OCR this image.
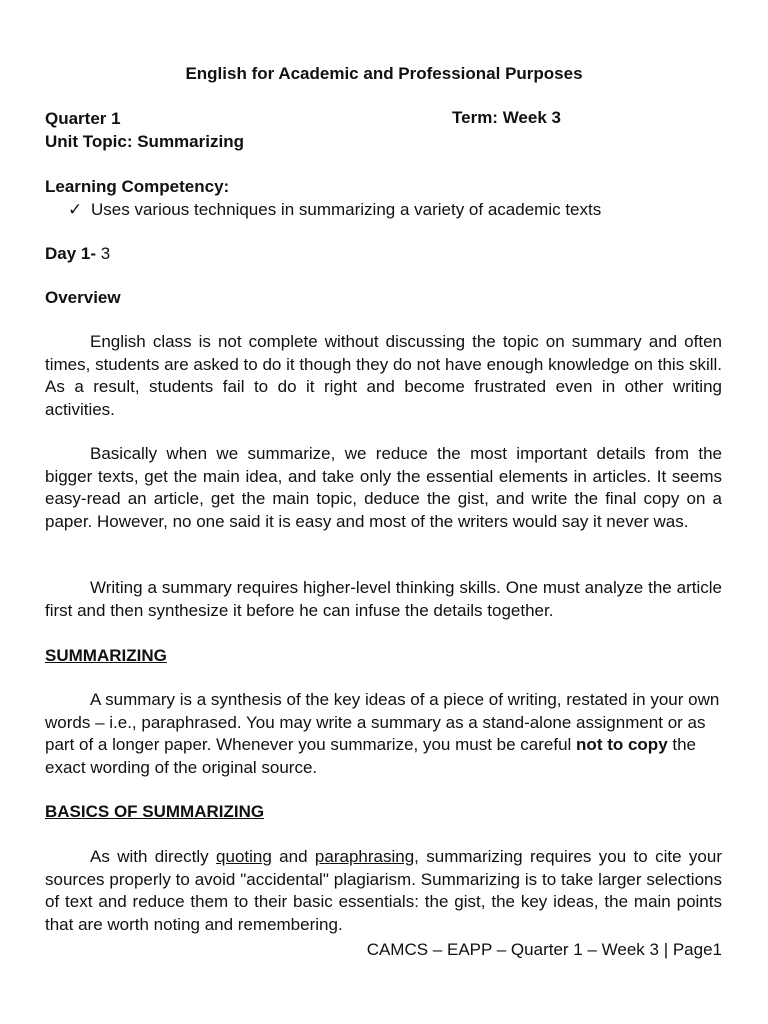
English for Academic and Professional Purposes
Quarter 1	Term: Week 3
Unit Topic: Summarizing
Learning Competency:
✓ Uses various techniques in summarizing a variety of academic texts
Day 1- 3
Overview

English class is not complete without discussing the topic on summary and often times, students are asked to do it though they do not have enough knowledge on this skill. As a result, students fail to do it right and become frustrated even in other writing activities.

Basically when we summarize, we reduce the most important details from the bigger texts, get the main idea, and take only the essential elements in articles. It seems easy-read an article, get the main topic, deduce the gist, and write the final copy on a paper. However, no one said it is easy and most of the writers would say it never was.

Writing a summary requires higher-level thinking skills. One must analyze the article first and then synthesize it before he can infuse the details together.

SUMMARIZING

A summary is a synthesis of the key ideas of a piece of writing, restated in your own words – i.e., paraphrased. You may write a summary as a stand-alone assignment or as part of a longer paper. Whenever you summarize, you must be careful not to copy the exact wording of the original source.

BASICS OF SUMMARIZING

As with directly quoting and paraphrasing, summarizing requires you to cite your sources properly to avoid "accidental" plagiarism. Summarizing is to take larger selections of text and reduce them to their basic essentials: the gist, the key ideas, the main points that are worth noting and remembering.

CAMCS – EAPP – Quarter 1 – Week 3 | Page1
